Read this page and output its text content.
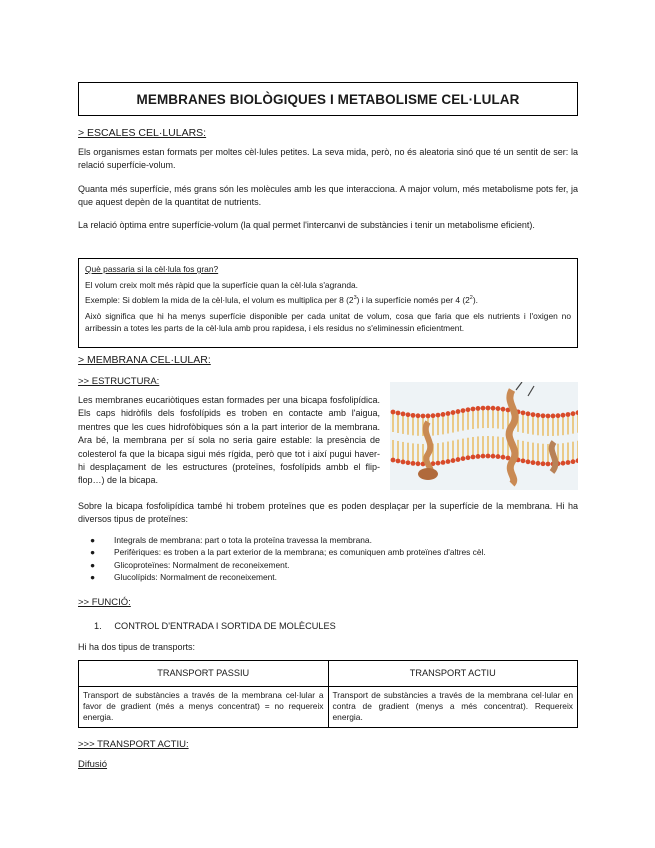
MEMBRANES BIOLÒGIQUES I METABOLISME CEL·LULAR
> ESCALES CEL·LULARS:

Els organismes estan formats per moltes cèl·lules petites. La seva mida, però, no és aleatoria sinó que té un sentit de ser: la relació superfície-volum.

Quanta més superfície, més grans són les molècules amb les que interacciona. A major volum, més metabolisme pots fer, ja que aquest depèn de la quantitat de nutrients.

La relació òptima entre superfície-volum (la qual permet l'intercanvi de substàncies i tenir un metabolisme eficient).

Què passaria si la cèl·lula fos gran?

El volum creix molt més ràpid que la superfície quan la cèl·lula s'agranda.

Exemple: Si doblem la mida de la cèl·lula, el volum es multiplica per 8 $(2^3)$ i la superfície només per 4 $(2^2)$.

Això significa que hi ha menys superfície disponible per cada unitat de volum, cosa que faria que els nutrients i l'oxigen no arribessin a totes les parts de la cèl·lula amb prou rapidesa, i els residus no s'eliminessin eficientment.

> MEMBRANA CEL·LULAR:
>> ESTRUCTURA:

Les membranes eucariòtiques estan formades per una bicapa fosfolipídica. Els caps hidròfils dels fosfolípids es troben en contacte amb l'aigua, mentres que les cues hidrofòbiques són a la part interior de la membrana. Ara bé, la membrana per sí sola no seria gaire estable: la presència de colesterol fa que la bicapa sigui més rígida, però que tot i així pugui haver-hi desplaçament de les estructures (proteïnes, fosfolípids ambb el flip-flop…) de la bicapa.

Sobre la bicapa fosfolipídica també hi trobem proteïnes que es poden desplaçar per la superfície de la membrana. Hi ha diversos tipus de proteïnes:

● Integrals de membrana: part o tota la proteïna travessa la membrana.
● Perifèriques: es troben a la part exterior de la membrana; es comuniquen amb proteïnes d'altres cèl.
● Glicoproteïnes: Normalment de reconeixement.
● Glucolípids: Normalment de reconeixement.
>> FUNCIÓ:
1.     CONTROL D'ENTRADA I SORTIDA DE MOLÈCULES

Hi ha dos tipus de transports:

TRANSPORT PASSIU	TRANSPORT ACTIU
Transport de substàncies a través de la membrana cel·lular a favor de gradient (més a menys concentrat) = no requereix energia.	Transport de substàncies a través de la membrana cel·lular en contra de gradient (menys a més concentrat). Requereix energia.
>>> TRANSPORT ACTIU:
Difusió
